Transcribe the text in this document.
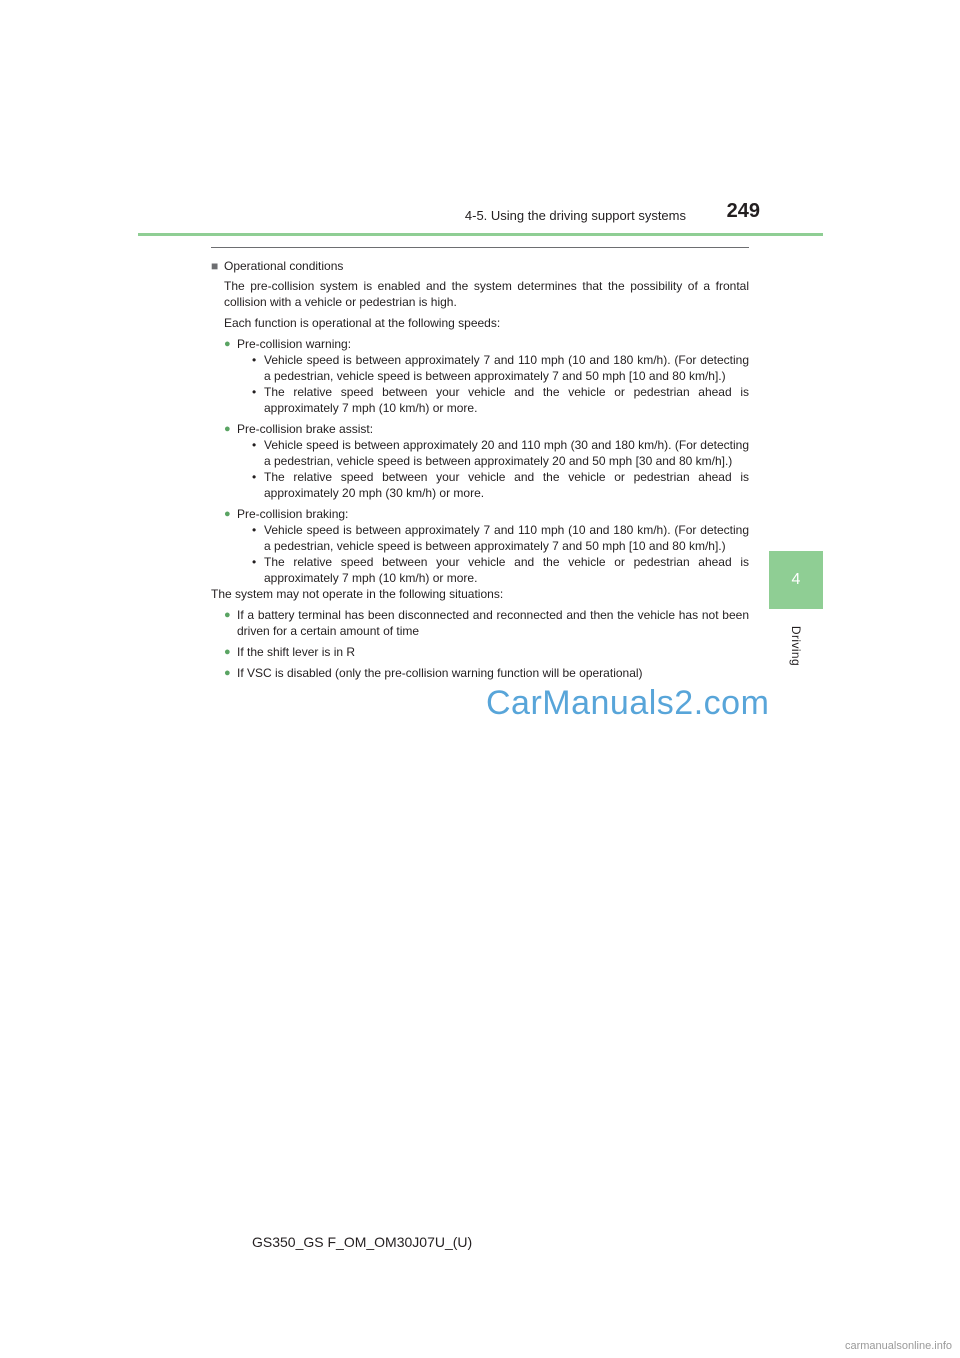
4-5. Using the driving support systems	249
4
Driving
■ Operational conditions

The pre-collision system is enabled and the system determines that the possibility of a frontal collision with a vehicle or pedestrian is high.

Each function is operational at the following speeds:

● Pre-collision warning:
• Vehicle speed is between approximately 7 and 110 mph (10 and 180 km/h). (For detecting a pedestrian, vehicle speed is between approximately 7 and 50 mph [10 and 80 km/h].)
• The relative speed between your vehicle and the vehicle or pedestrian ahead is approximately 7 mph (10 km/h) or more.
● Pre-collision brake assist:
• Vehicle speed is between approximately 20 and 110 mph (30 and 180 km/h). (For detecting a pedestrian, vehicle speed is between approximately 20 and 50 mph [30 and 80 km/h].)
• The relative speed between your vehicle and the vehicle or pedestrian ahead is approximately 20 mph (30 km/h) or more.
● Pre-collision braking:
• Vehicle speed is between approximately 7 and 110 mph (10 and 180 km/h). (For detecting a pedestrian, vehicle speed is between approximately 7 and 50 mph [10 and 80 km/h].)
• The relative speed between your vehicle and the vehicle or pedestrian ahead is approximately 7 mph (10 km/h) or more.

The system may not operate in the following situations:

● If a battery terminal has been disconnected and reconnected and then the vehicle has not been driven for a certain amount of time
● If the shift lever is in R
● If VSC is disabled (only the pre-collision warning function will be operational)
CarManuals2.com
GS350_GS F_OM_OM30J07U_(U)
carmanualsonline.info
